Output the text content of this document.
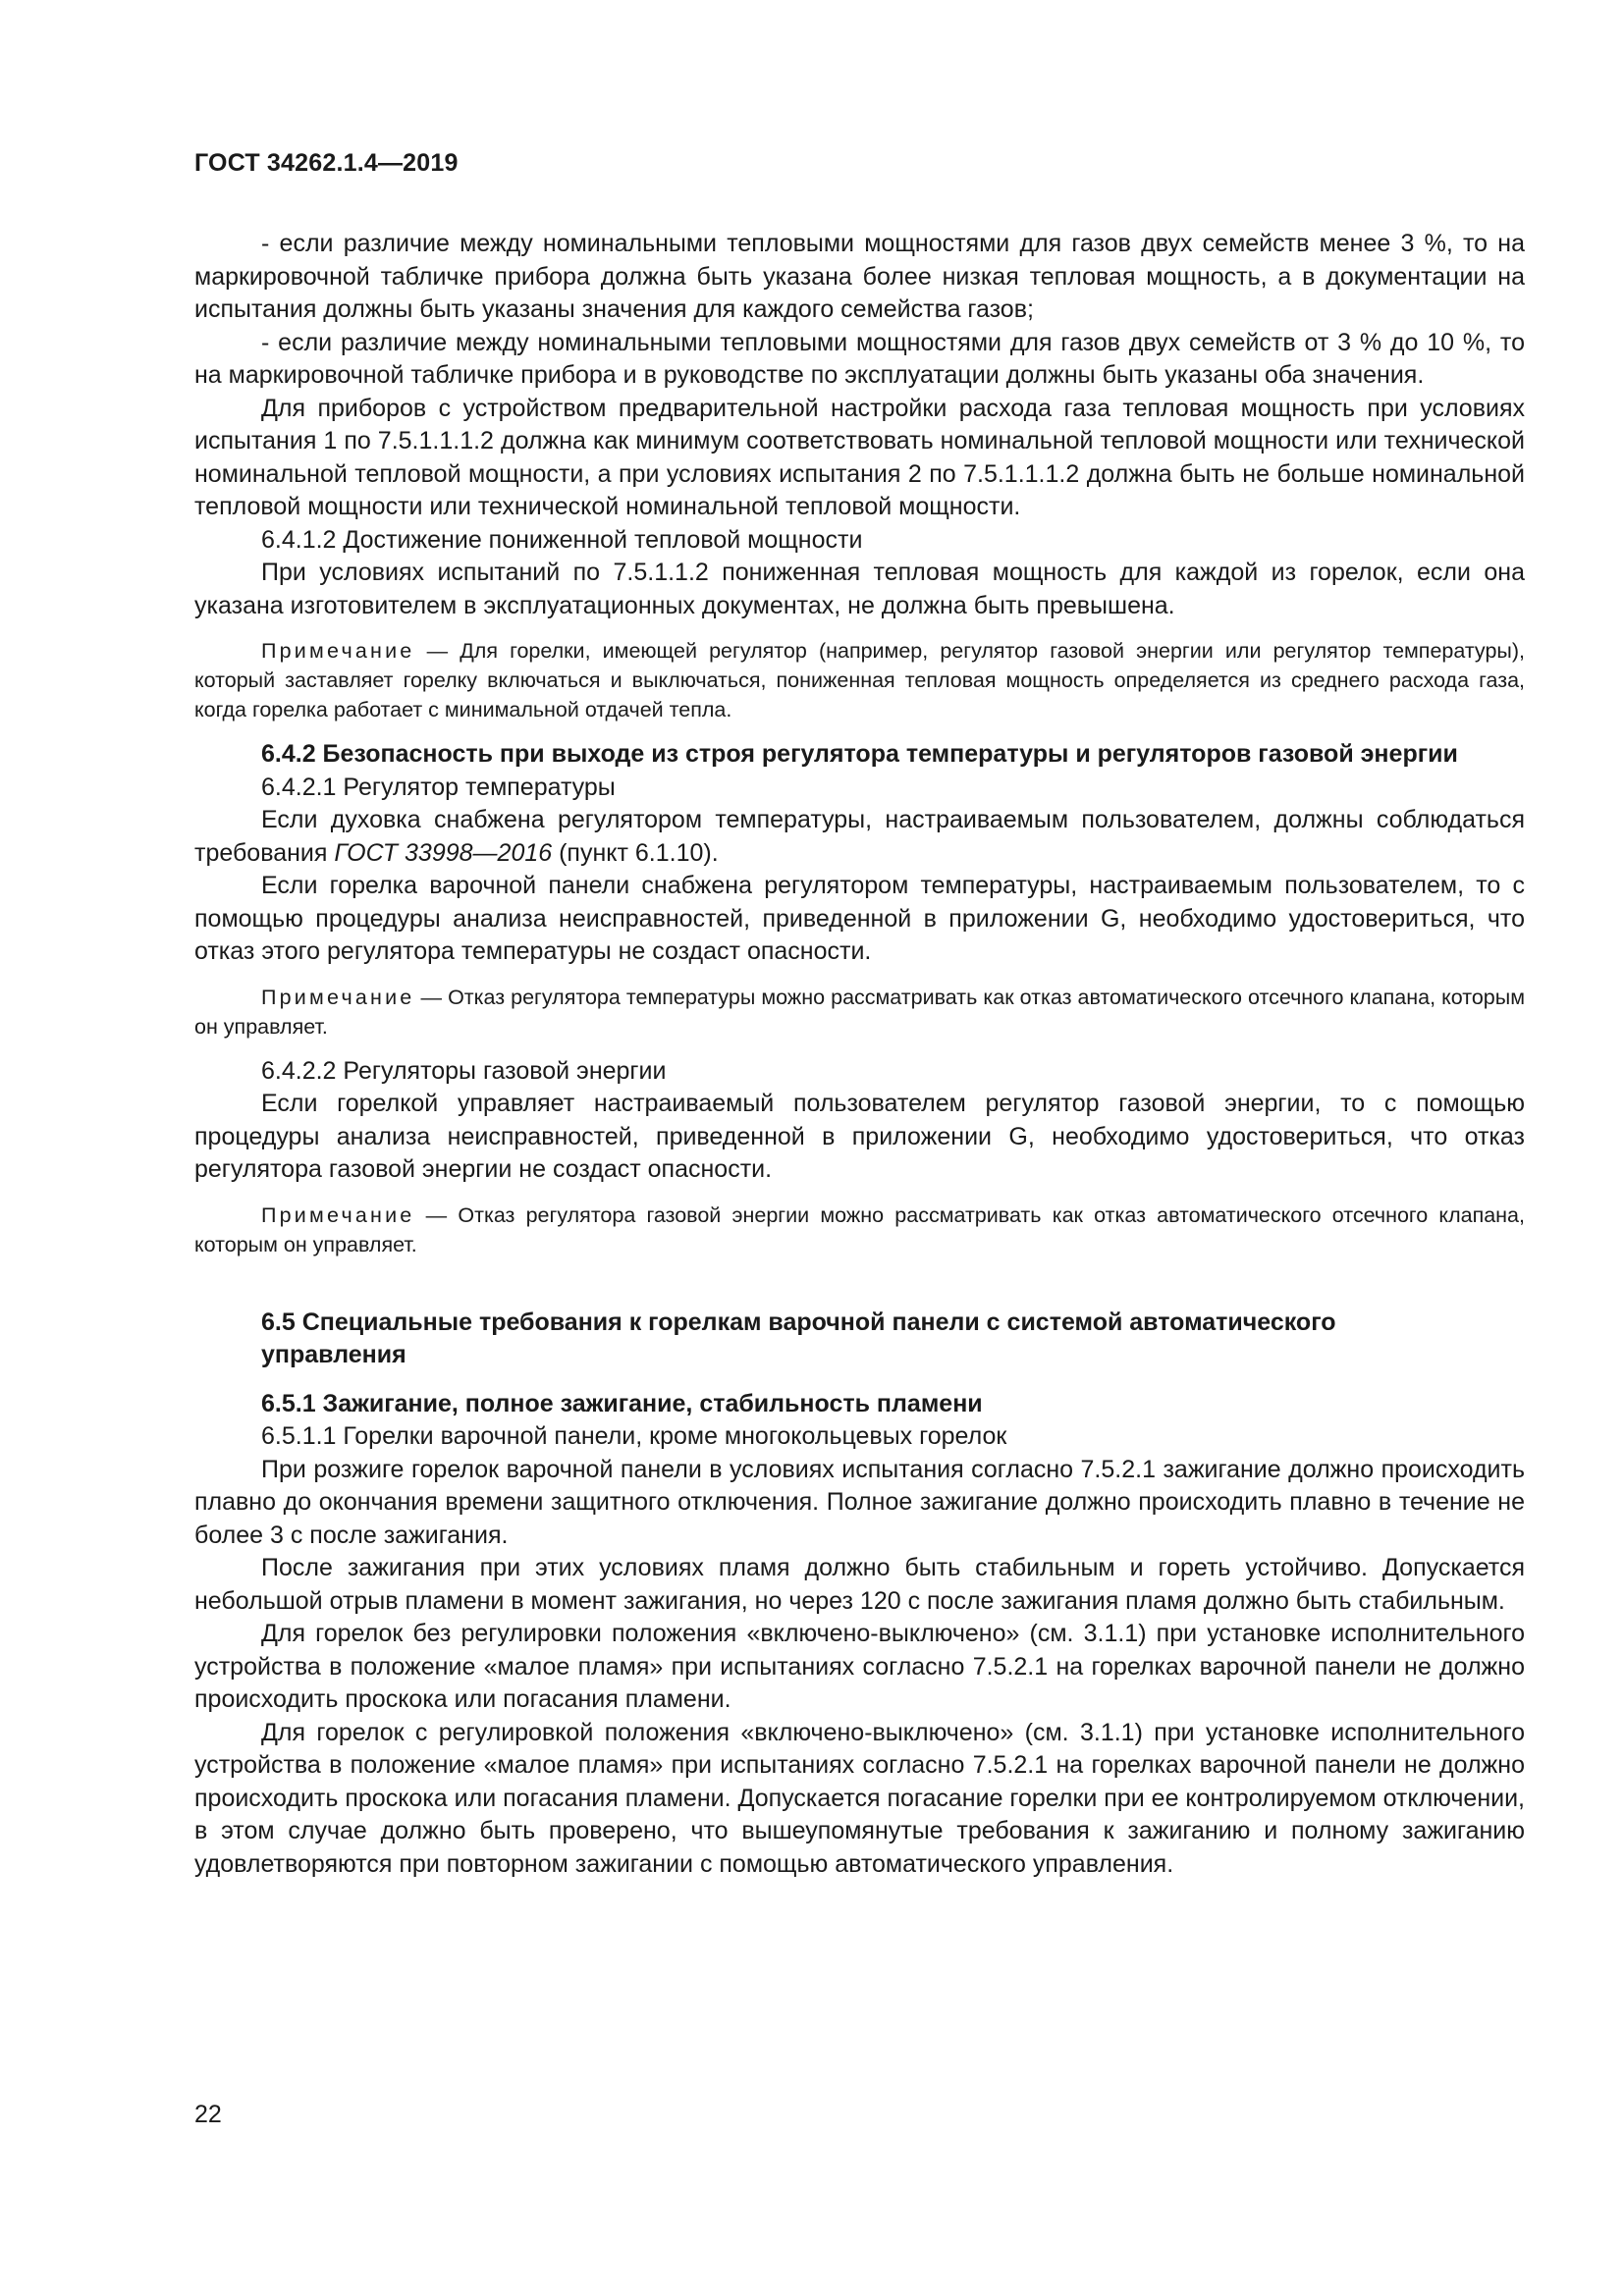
ГОСТ 34262.1.4—2019

- если различие между номинальными тепловыми мощностями для газов двух семейств менее 3 %, то на маркировочной табличке прибора должна быть указана более низкая тепловая мощность, а в документации на испытания должны быть указаны значения для каждого семейства газов;

- если различие между номинальными тепловыми мощностями для газов двух семейств от 3 % до 10 %, то на маркировочной табличке прибора и в руководстве по эксплуатации должны быть указаны оба значения.

Для приборов с устройством предварительной настройки расхода газа тепловая мощность при условиях испытания 1 по 7.5.1.1.1.2 должна как минимум соответствовать номинальной тепловой мощности или технической номинальной тепловой мощности, а при условиях испытания 2 по 7.5.1.1.1.2 должна быть не больше номинальной тепловой мощности или технической номинальной тепловой мощности.

6.4.1.2 Достижение пониженной тепловой мощности

При условиях испытаний по 7.5.1.1.2 пониженная тепловая мощность для каждой из горелок, если она указана изготовителем в эксплуатационных документах, не должна быть превышена.

Примечание — Для горелки, имеющей регулятор (например, регулятор газовой энергии или регулятор температуры), который заставляет горелку включаться и выключаться, пониженная тепловая мощность определяется из среднего расхода газа, когда горелка работает с минимальной отдачей тепла.

6.4.2 Безопасность при выходе из строя регулятора температуры и регуляторов газовой энергии

6.4.2.1 Регулятор температуры

Если духовка снабжена регулятором температуры, настраиваемым пользователем, должны соблюдаться требования ГОСТ 33998—2016 (пункт 6.1.10).

Если горелка варочной панели снабжена регулятором температуры, настраиваемым пользователем, то с помощью процедуры анализа неисправностей, приведенной в приложении G, необходимо удостовериться, что отказ этого регулятора температуры не создаст опасности.

Примечание — Отказ регулятора температуры можно рассматривать как отказ автоматического отсечного клапана, которым он управляет.

6.4.2.2 Регуляторы газовой энергии

Если горелкой управляет настраиваемый пользователем регулятор газовой энергии, то с помощью процедуры анализа неисправностей, приведенной в приложении G, необходимо удостовериться, что отказ регулятора газовой энергии не создаст опасности.

Примечание — Отказ регулятора газовой энергии можно рассматривать как отказ автоматического отсечного клапана, которым он управляет.

6.5 Специальные требования к горелкам варочной панели с системой автоматического управления

6.5.1 Зажигание, полное зажигание, стабильность пламени

6.5.1.1 Горелки варочной панели, кроме многокольцевых горелок

При розжиге горелок варочной панели в условиях испытания согласно 7.5.2.1 зажигание должно происходить плавно до окончания времени защитного отключения. Полное зажигание должно происходить плавно в течение не более 3 с после зажигания.

После зажигания при этих условиях пламя должно быть стабильным и гореть устойчиво. Допускается небольшой отрыв пламени в момент зажигания, но через 120 с после зажигания пламя должно быть стабильным.

Для горелок без регулировки положения «включено-выключено» (см. 3.1.1) при установке исполнительного устройства в положение «малое пламя» при испытаниях согласно 7.5.2.1 на горелках варочной панели не должно происходить проскока или погасания пламени.

Для горелок с регулировкой положения «включено-выключено» (см. 3.1.1) при установке исполнительного устройства в положение «малое пламя» при испытаниях согласно 7.5.2.1 на горелках варочной панели не должно происходить проскока или погасания пламени. Допускается погасание горелки при ее контролируемом отключении, в этом случае должно быть проверено, что вышеупомянутые требования к зажиганию и полному зажиганию удовлетворяются при повторном зажигании с помощью автоматического управления.

22
